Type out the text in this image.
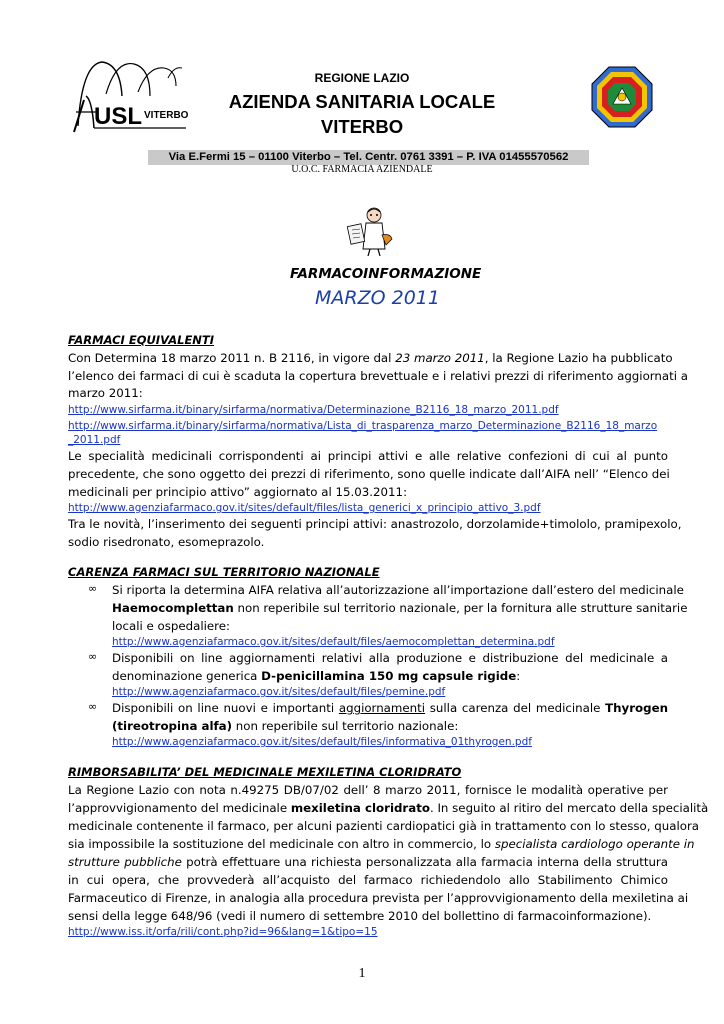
USL VITERBO
REGIONE LAZIO
AZIENDA SANITARIA LOCALE
VITERBO
Via E.Fermi 15 – 01100 Viterbo – Tel. Centr. 0761 3391 – P. IVA 01455570562
U.O.C. FARMACIA AZIENDALE
FARMACOINFORMAZIONE
MARZO 2011
FARMACI EQUIVALENTI
Con Determina 18 marzo 2011 n. B 2116, in vigore dal 23 marzo 2011, la Regione Lazio ha pubblicato
l’elenco dei farmaci di cui è scaduta la copertura brevettuale e i relativi prezzi di riferimento aggiornati a
marzo 2011:
http://www.sirfarma.it/binary/sirfarma/normativa/Determinazione_B2116_18_marzo_2011.pdf
http://www.sirfarma.it/binary/sirfarma/normativa/Lista_di_trasparenza_marzo_Determinazione_B2116_18_marzo
_2011.pdf
Le specialità medicinali corrispondenti ai principi attivi e alle relative confezioni di cui al punto
precedente, che sono oggetto dei prezzi di riferimento, sono quelle indicate dall’AIFA nell’ “Elenco dei
medicinali per principio attivo” aggiornato al 15.03.2011:
http://www.agenziafarmaco.gov.it/sites/default/files/lista_generici_x_principio_attivo_3.pdf
Tra le novità, l’inserimento dei seguenti principi attivi: anastrozolo, dorzolamide+timololo, pramipexolo,
sodio risedronato, esomeprazolo.
CARENZA FARMACI SUL TERRITORIO NAZIONALE
∞ Si riporta la determina AIFA relativa all’autorizzazione all’importazione dall’estero del medicinale
Haemocomplettan non reperibile sul territorio nazionale, per la fornitura alle strutture sanitarie
locali e ospedaliere:
http://www.agenziafarmaco.gov.it/sites/default/files/aemocomplettan_determina.pdf
∞ Disponibili on line aggiornamenti relativi alla produzione e distribuzione del medicinale a
denominazione generica D-penicillamina 150 mg capsule rigide:
http://www.agenziafarmaco.gov.it/sites/default/files/pemine.pdf
∞ Disponibili on line nuovi e importanti aggiornamenti sulla carenza del medicinale Thyrogen
(tireotropina alfa) non reperibile sul territorio nazionale:
http://www.agenziafarmaco.gov.it/sites/default/files/informativa_01thyrogen.pdf
RIMBORSABILITA’ DEL MEDICINALE MEXILETINA CLORIDRATO
La Regione Lazio con nota n.49275 DB/07/02 dell’ 8 marzo 2011, fornisce le modalità operative per
l’approvvigionamento del medicinale mexiletina cloridrato. In seguito al ritiro del mercato della specialità
medicinale contenente il farmaco, per alcuni pazienti cardiopatici già in trattamento con lo stesso, qualora
sia impossibile la sostituzione del medicinale con altro in commercio, lo specialista cardiologo operante in
strutture pubbliche potrà effettuare una richiesta personalizzata alla farmacia interna della struttura
in cui opera, che provvederà all’acquisto del farmaco richiedendolo allo Stabilimento Chimico
Farmaceutico di Firenze, in analogia alla procedura prevista per l’approvvigionamento della mexiletina ai
sensi della legge 648/96 (vedi il numero di settembre 2010 del bollettino di farmacoinformazione).
http://www.iss.it/orfa/rili/cont.php?id=96&lang=1&tipo=15
1
